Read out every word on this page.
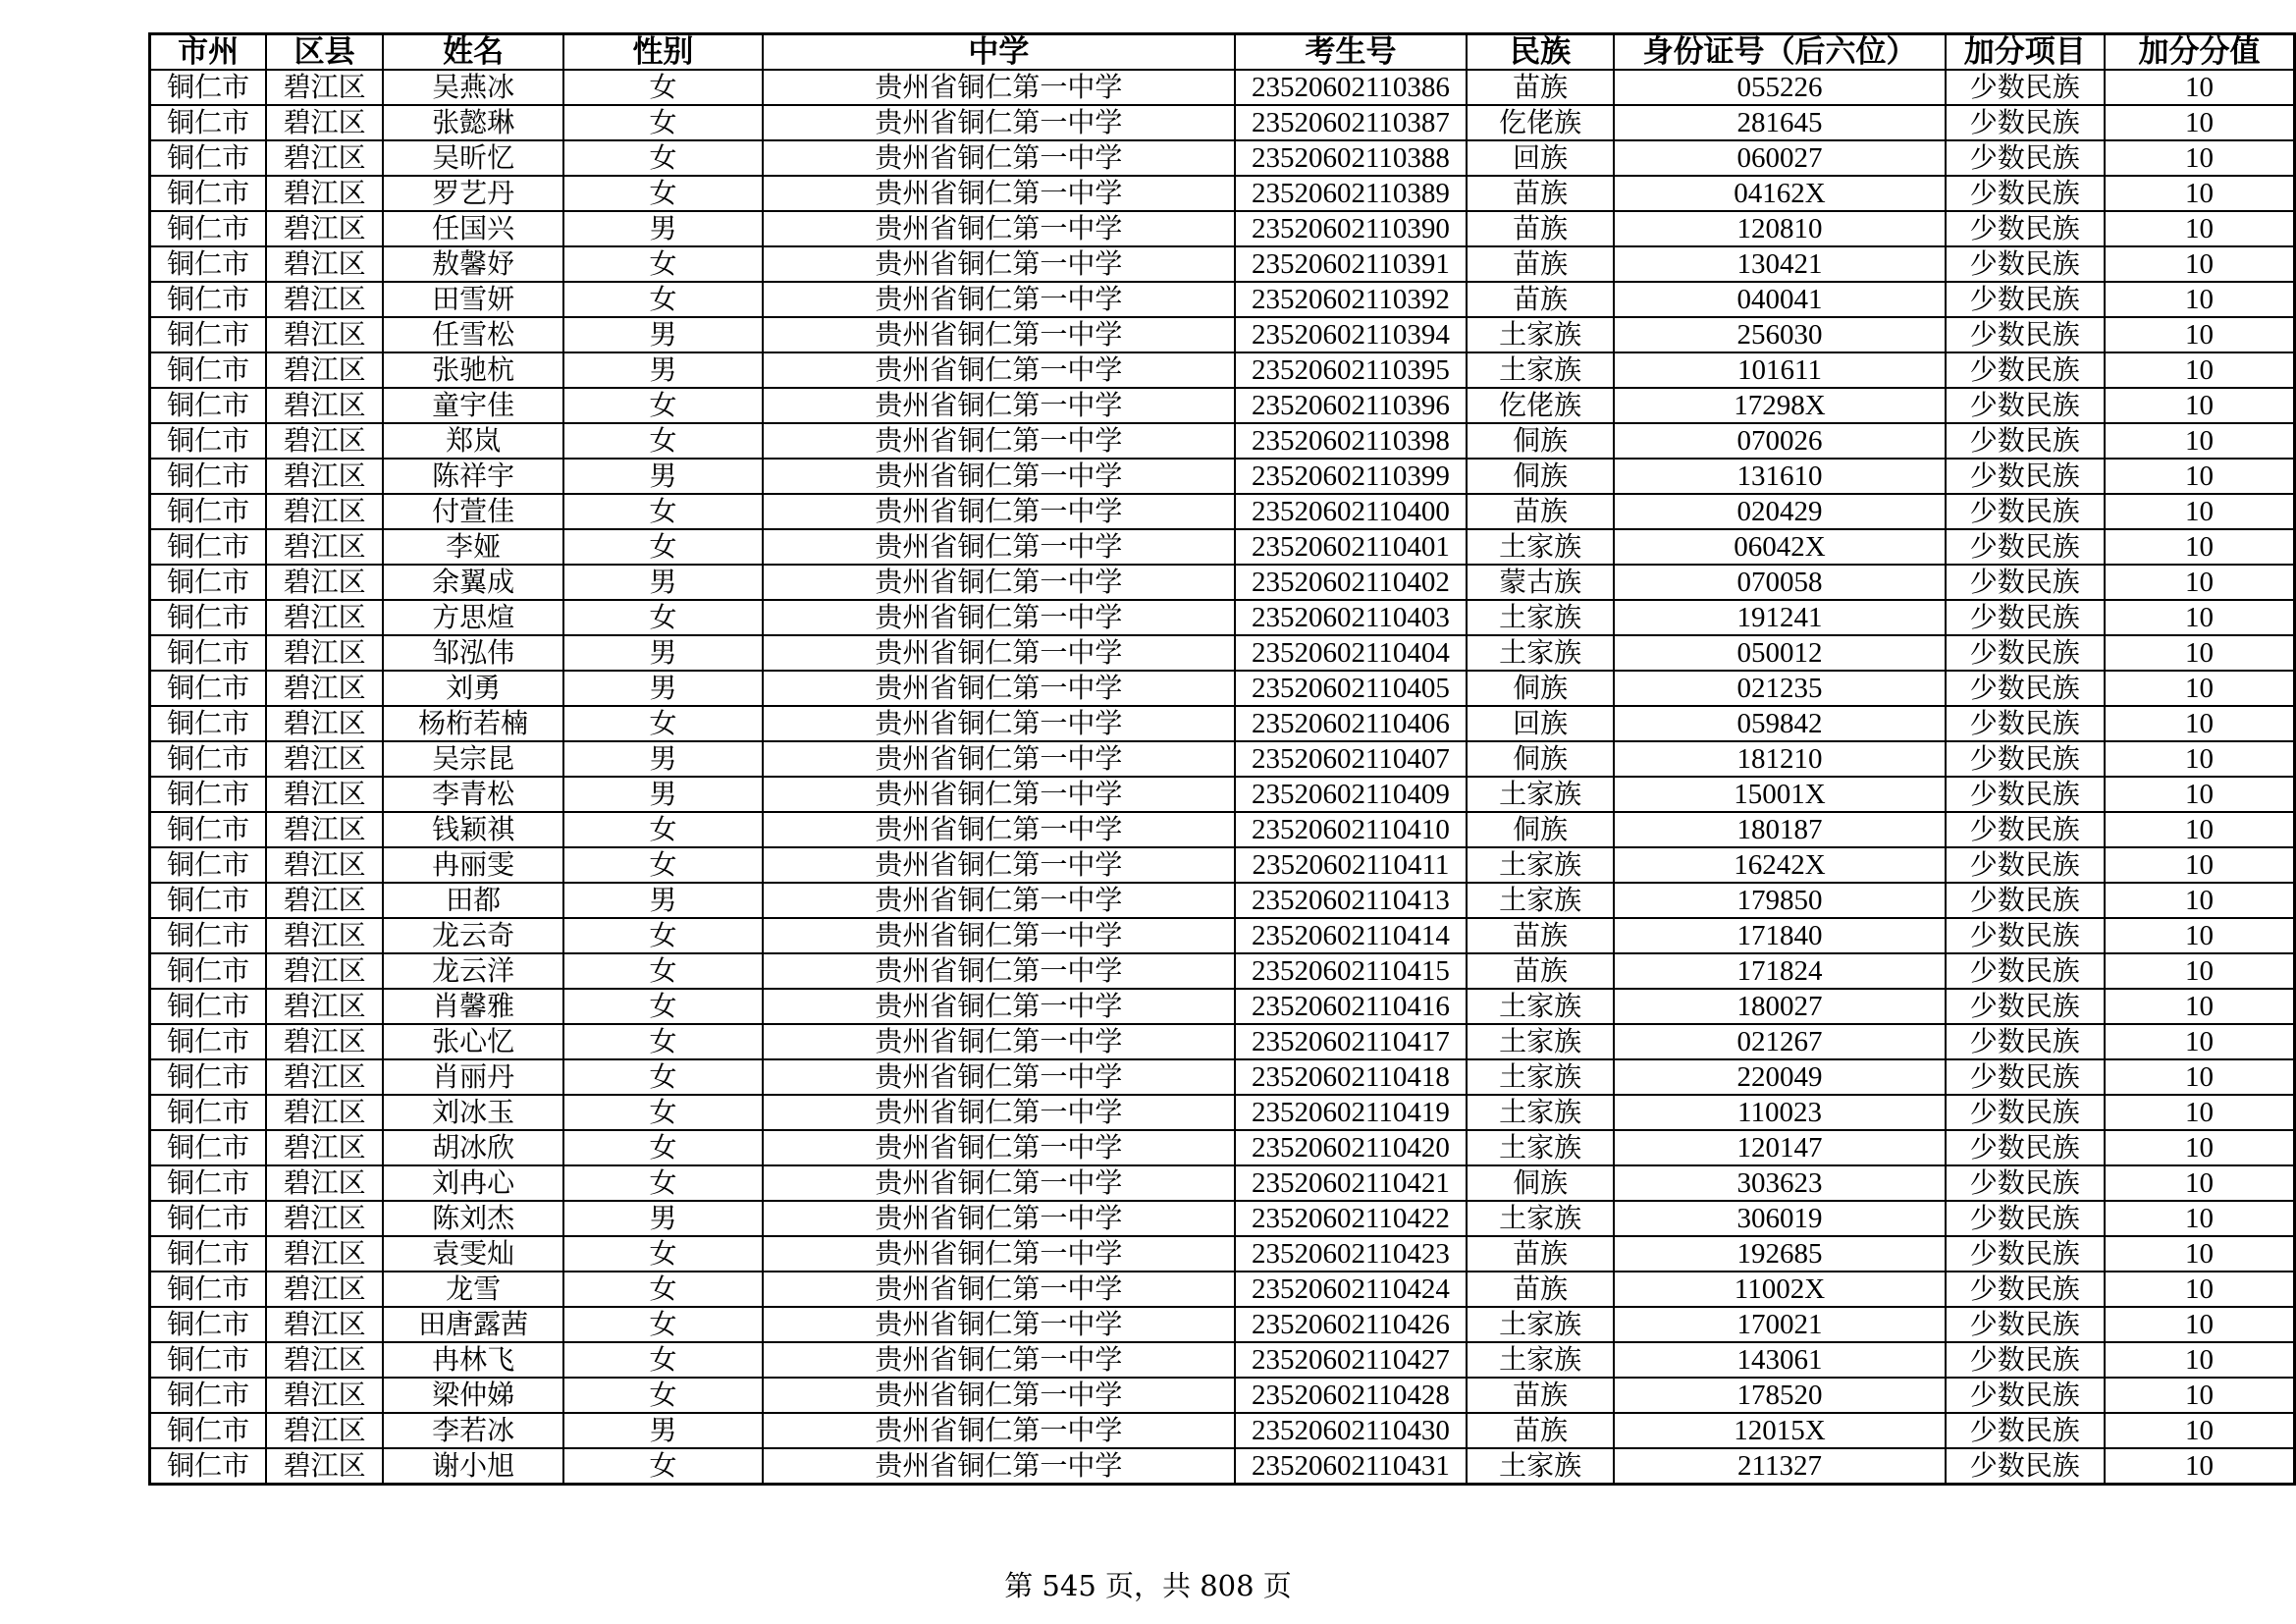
市州	区县	姓名	性别	中学	考生号	民族	身份证号（后六位）	加分项目	加分分值
铜仁市	碧江区	吴燕冰	女	贵州省铜仁第一中学	23520602110386	苗族	055226	少数民族	10
铜仁市	碧江区	张懿琳	女	贵州省铜仁第一中学	23520602110387	仡佬族	281645	少数民族	10
铜仁市	碧江区	吴昕忆	女	贵州省铜仁第一中学	23520602110388	回族	060027	少数民族	10
铜仁市	碧江区	罗艺丹	女	贵州省铜仁第一中学	23520602110389	苗族	04162X	少数民族	10
铜仁市	碧江区	任国兴	男	贵州省铜仁第一中学	23520602110390	苗族	120810	少数民族	10
铜仁市	碧江区	敖馨妤	女	贵州省铜仁第一中学	23520602110391	苗族	130421	少数民族	10
铜仁市	碧江区	田雪妍	女	贵州省铜仁第一中学	23520602110392	苗族	040041	少数民族	10
铜仁市	碧江区	任雪松	男	贵州省铜仁第一中学	23520602110394	土家族	256030	少数民族	10
铜仁市	碧江区	张驰杭	男	贵州省铜仁第一中学	23520602110395	土家族	101611	少数民族	10
铜仁市	碧江区	童宇佳	女	贵州省铜仁第一中学	23520602110396	仡佬族	17298X	少数民族	10
铜仁市	碧江区	郑岚	女	贵州省铜仁第一中学	23520602110398	侗族	070026	少数民族	10
铜仁市	碧江区	陈祥宇	男	贵州省铜仁第一中学	23520602110399	侗族	131610	少数民族	10
铜仁市	碧江区	付萱佳	女	贵州省铜仁第一中学	23520602110400	苗族	020429	少数民族	10
铜仁市	碧江区	李娅	女	贵州省铜仁第一中学	23520602110401	土家族	06042X	少数民族	10
铜仁市	碧江区	余翼成	男	贵州省铜仁第一中学	23520602110402	蒙古族	070058	少数民族	10
铜仁市	碧江区	方思煊	女	贵州省铜仁第一中学	23520602110403	土家族	191241	少数民族	10
铜仁市	碧江区	邹泓伟	男	贵州省铜仁第一中学	23520602110404	土家族	050012	少数民族	10
铜仁市	碧江区	刘勇	男	贵州省铜仁第一中学	23520602110405	侗族	021235	少数民族	10
铜仁市	碧江区	杨桁若楠	女	贵州省铜仁第一中学	23520602110406	回族	059842	少数民族	10
铜仁市	碧江区	吴宗昆	男	贵州省铜仁第一中学	23520602110407	侗族	181210	少数民族	10
铜仁市	碧江区	李青松	男	贵州省铜仁第一中学	23520602110409	土家族	15001X	少数民族	10
铜仁市	碧江区	钱颖祺	女	贵州省铜仁第一中学	23520602110410	侗族	180187	少数民族	10
铜仁市	碧江区	冉丽雯	女	贵州省铜仁第一中学	23520602110411	土家族	16242X	少数民族	10
铜仁市	碧江区	田都	男	贵州省铜仁第一中学	23520602110413	土家族	179850	少数民族	10
铜仁市	碧江区	龙云奇	女	贵州省铜仁第一中学	23520602110414	苗族	171840	少数民族	10
铜仁市	碧江区	龙云洋	女	贵州省铜仁第一中学	23520602110415	苗族	171824	少数民族	10
铜仁市	碧江区	肖馨雅	女	贵州省铜仁第一中学	23520602110416	土家族	180027	少数民族	10
铜仁市	碧江区	张心忆	女	贵州省铜仁第一中学	23520602110417	土家族	021267	少数民族	10
铜仁市	碧江区	肖丽丹	女	贵州省铜仁第一中学	23520602110418	土家族	220049	少数民族	10
铜仁市	碧江区	刘冰玉	女	贵州省铜仁第一中学	23520602110419	土家族	110023	少数民族	10
铜仁市	碧江区	胡冰欣	女	贵州省铜仁第一中学	23520602110420	土家族	120147	少数民族	10
铜仁市	碧江区	刘冉心	女	贵州省铜仁第一中学	23520602110421	侗族	303623	少数民族	10
铜仁市	碧江区	陈刘杰	男	贵州省铜仁第一中学	23520602110422	土家族	306019	少数民族	10
铜仁市	碧江区	袁雯灿	女	贵州省铜仁第一中学	23520602110423	苗族	192685	少数民族	10
铜仁市	碧江区	龙雪	女	贵州省铜仁第一中学	23520602110424	苗族	11002X	少数民族	10
铜仁市	碧江区	田唐露茜	女	贵州省铜仁第一中学	23520602110426	土家族	170021	少数民族	10
铜仁市	碧江区	冉林飞	女	贵州省铜仁第一中学	23520602110427	土家族	143061	少数民族	10
铜仁市	碧江区	梁仲娣	女	贵州省铜仁第一中学	23520602110428	苗族	178520	少数民族	10
铜仁市	碧江区	李若冰	男	贵州省铜仁第一中学	23520602110430	苗族	12015X	少数民族	10
铜仁市	碧江区	谢小旭	女	贵州省铜仁第一中学	23520602110431	土家族	211327	少数民族	10
第 545 页，共 808 页
